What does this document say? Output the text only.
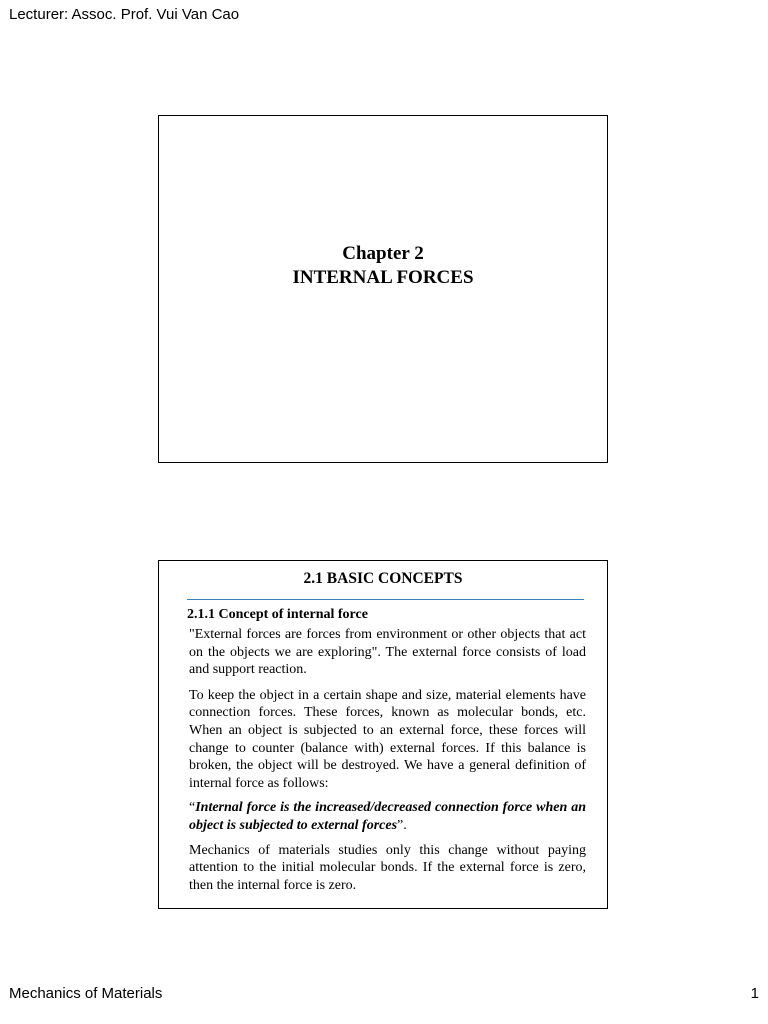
Lecturer: Assoc. Prof. Vui Van Cao
Chapter 2
INTERNAL FORCES
2.1 BASIC CONCEPTS
2.1.1 Concept of internal force

"External forces are forces from environment or other objects that act on the objects we are exploring". The external force consists of load and support reaction.

To keep the object in a certain shape and size, material elements have connection forces. These forces, known as molecular bonds, etc. When an object is subjected to an external force, these forces will change to counter (balance with) external forces. If this balance is broken, the object will be destroyed. We have a general definition of internal force as follows:

“Internal force is the increased/decreased connection force when an object is subjected to external forces”.

Mechanics of materials studies only this change without paying attention to the initial molecular bonds. If the external force is zero, then the internal force is zero.

Mechanics of Materials	1
